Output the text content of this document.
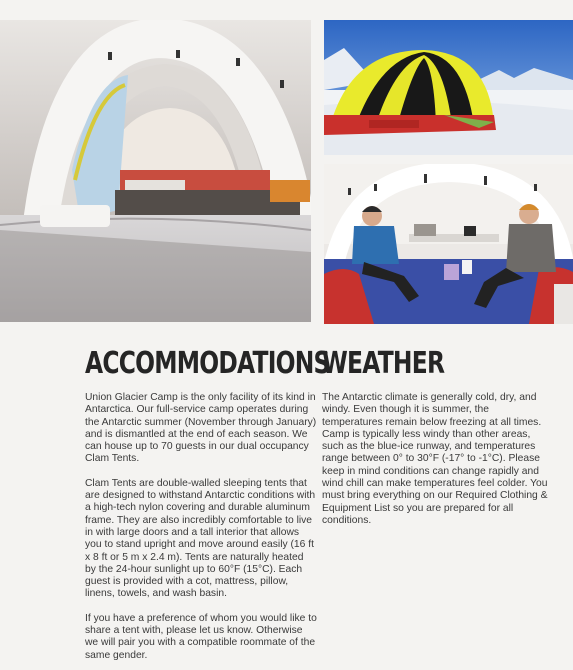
ACCOMMODATIONS

Union Glacier Camp is the only facility of its kind in Antarctica. Our full-service camp operates during the Antarctic summer (November through January) and is dismantled at the end of each season. We can house up to 70 guests in our dual occupancy Clam Tents.

Clam Tents are double-walled sleeping tents that are designed to withstand Antarctic conditions with a high-tech nylon covering and durable aluminum frame. They are also incredibly comfortable to live in with large doors and a tall interior that allows you to stand upright and move around easily (16 ft x 8 ft or 5 m x 2.4 m). Tents are naturally heated by the 24-hour sunlight up to 60°F (15°C). Each guest is provided with a cot, mattress, pillow, linens, towels, and wash basin.

If you have a preference of whom you would like to share a tent with, please let us know. Otherwise we will pair you with a compatible roommate of the same gender.

WEATHER

The Antarctic climate is generally cold, dry, and windy. Even though it is summer, the temperatures remain below freezing at all times. Camp is typically less windy than other areas, such as the blue-ice runway, and temperatures range between 0° to 30°F (-17° to -1°C). Please keep in mind conditions can change rapidly and wind chill can make temperatures feel colder. You must bring everything on our Required Clothing & Equipment List so you are prepared for all conditions.
